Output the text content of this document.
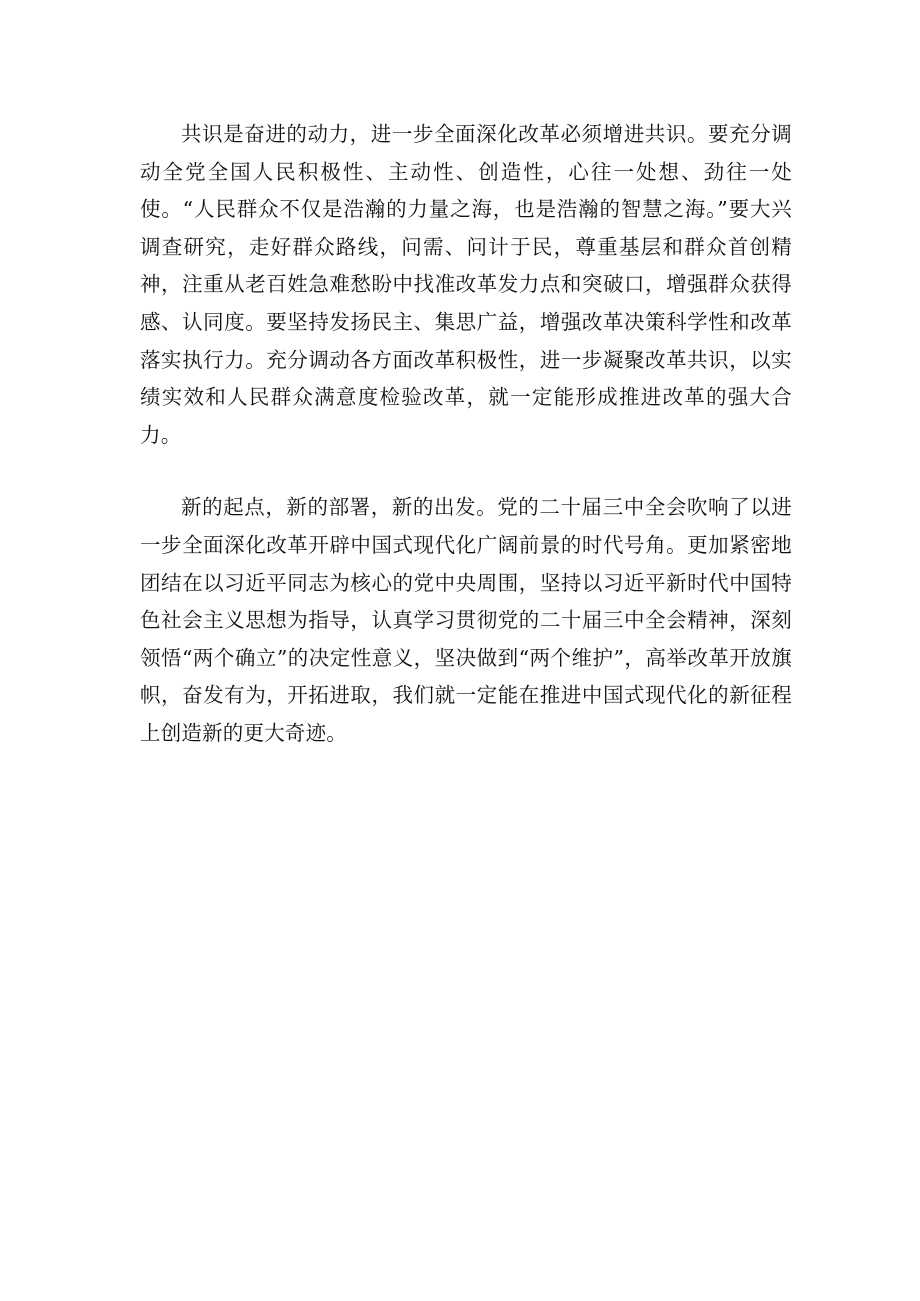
共识是奋进的动力，进一步全面深化改革必须增进共识。要充分调动全党全国人民积极性、主动性、创造性，心往一处想、劲往一处使。“人民群众不仅是浩瀚的力量之海，也是浩瀚的智慧之海。”要大兴调查研究，走好群众路线，问需、问计于民，尊重基层和群众首创精神，注重从老百姓急难愁盼中找准改革发力点和突破口，增强群众获得感、认同度。要坚持发扬民主、集思广益，增强改革决策科学性和改革落实执行力。充分调动各方面改革积极性，进一步凝聚改革共识，以实绩实效和人民群众满意度检验改革，就一定能形成推进改革的强大合力。

新的起点，新的部署，新的出发。党的二十届三中全会吹响了以进一步全面深化改革开辟中国式现代化广阔前景的时代号角。更加紧密地团结在以习近平同志为核心的党中央周围，坚持以习近平新时代中国特色社会主义思想为指导，认真学习贯彻党的二十届三中全会精神，深刻领悟“两个确立”的决定性意义，坚决做到“两个维护”，高举改革开放旗帜，奋发有为，开拓进取，我们就一定能在推进中国式现代化的新征程上创造新的更大奇迹。
